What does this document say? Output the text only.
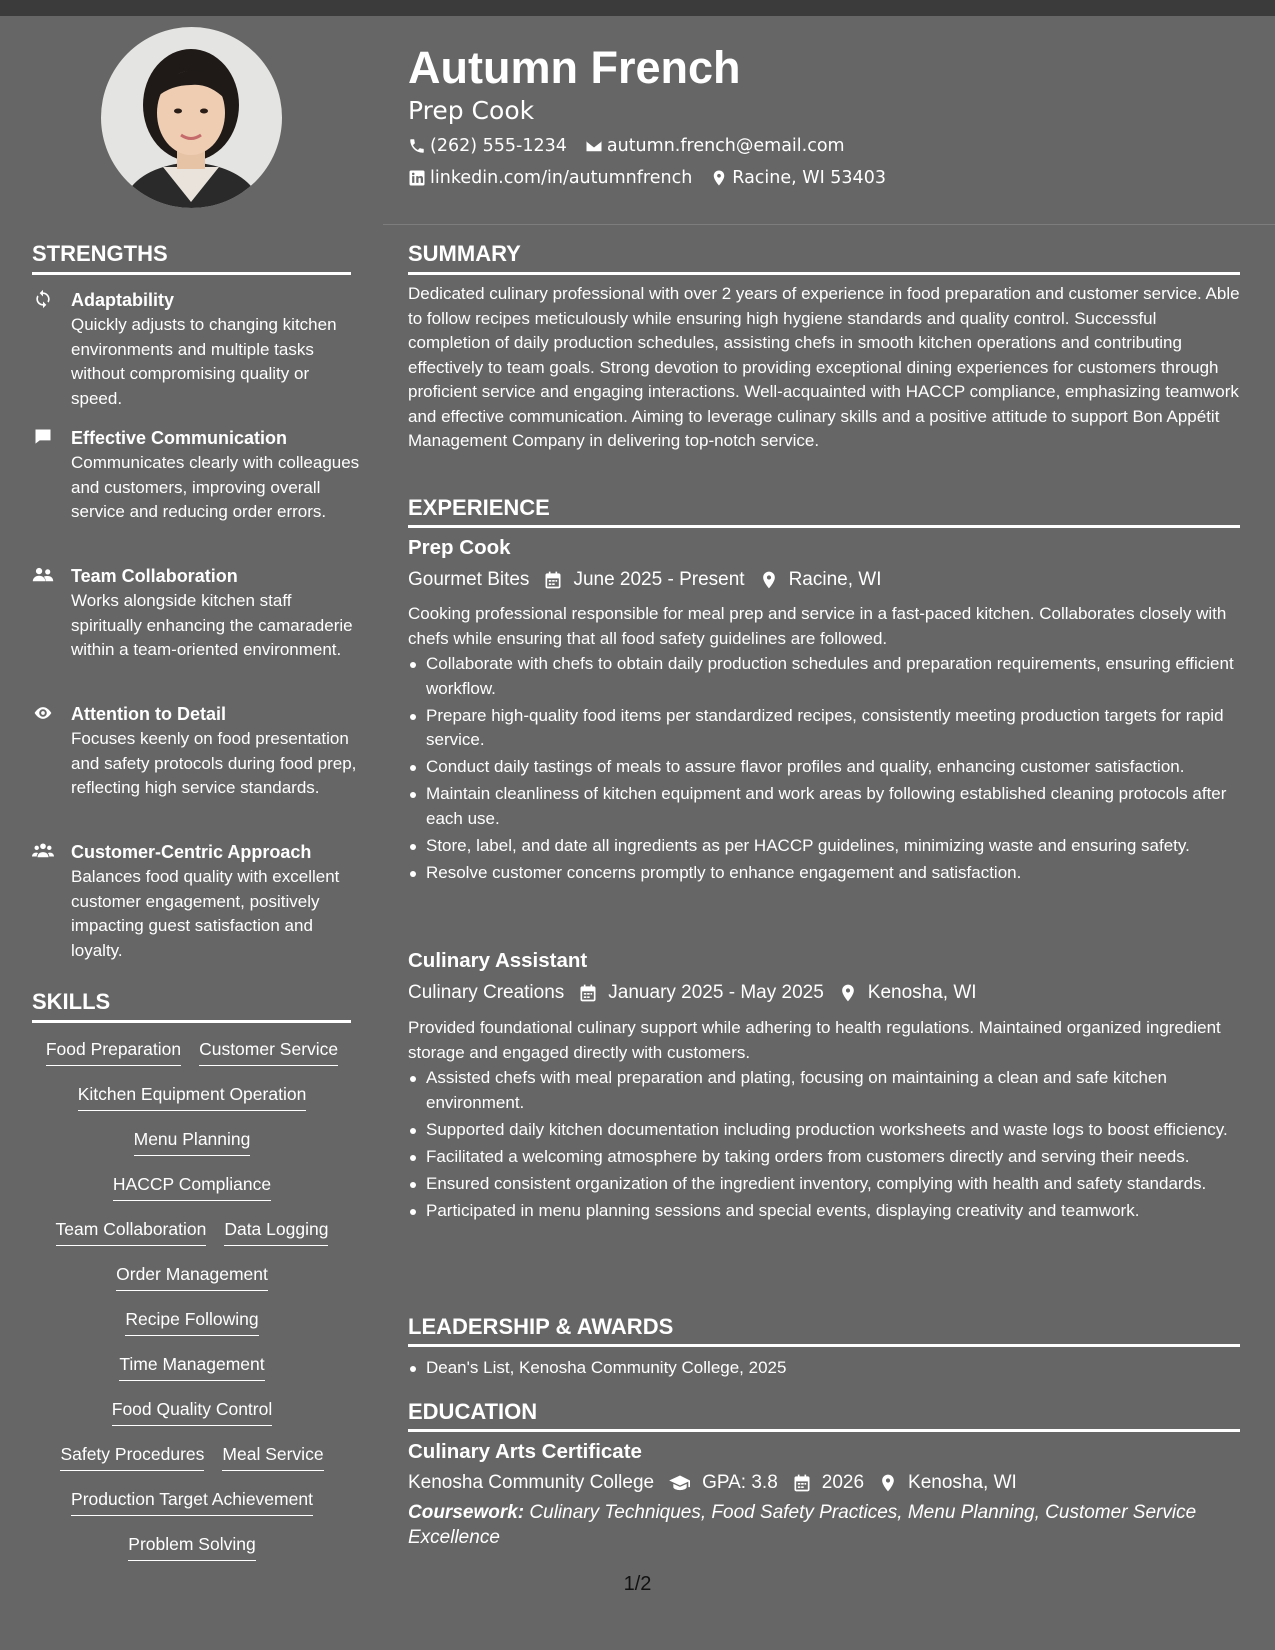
Autumn French
Prep Cook
(262) 555-1234 autumn.french@email.com
linkedin.com/in/autumnfrench Racine, WI 53403
STRENGTHS
Adaptability
Quickly adjusts to changing kitchen environments and multiple tasks without compromising quality or speed.
Effective Communication
Communicates clearly with colleagues and customers, improving overall service and reducing order errors.
Team Collaboration
Works alongside kitchen staff spiritually enhancing the camaraderie within a team-oriented environment.
Attention to Detail
Focuses keenly on food presentation and safety protocols during food prep, reflecting high service standards.
Customer-Centric Approach
Balances food quality with excellent customer engagement, positively impacting guest satisfaction and loyalty.
SKILLS
Food Preparation Customer Service
Kitchen Equipment Operation
Menu Planning
HACCP Compliance
Team Collaboration Data Logging
Order Management
Recipe Following
Time Management
Food Quality Control
Safety Procedures Meal Service
Production Target Achievement
Problem Solving
SUMMARY
Dedicated culinary professional with over 2 years of experience in food preparation and customer service. Able to follow recipes meticulously while ensuring high hygiene standards and quality control. Successful completion of daily production schedules, assisting chefs in smooth kitchen operations and contributing effectively to team goals. Strong devotion to providing exceptional dining experiences for customers through proficient service and engaging interactions. Well-acquainted with HACCP compliance, emphasizing teamwork and effective communication. Aiming to leverage culinary skills and a positive attitude to support Bon Appétit Management Company in delivering top-notch service.
EXPERIENCE
Prep Cook
Gourmet Bites June 2025 - Present Racine, WI
Cooking professional responsible for meal prep and service in a fast-paced kitchen. Collaborates closely with chefs while ensuring that all food safety guidelines are followed.
Collaborate with chefs to obtain daily production schedules and preparation requirements, ensuring efficient workflow.
Prepare high-quality food items per standardized recipes, consistently meeting production targets for rapid service.
Conduct daily tastings of meals to assure flavor profiles and quality, enhancing customer satisfaction.
Maintain cleanliness of kitchen equipment and work areas by following established cleaning protocols after each use.
Store, label, and date all ingredients as per HACCP guidelines, minimizing waste and ensuring safety.
Resolve customer concerns promptly to enhance engagement and satisfaction.
Culinary Assistant
Culinary Creations January 2025 - May 2025 Kenosha, WI
Provided foundational culinary support while adhering to health regulations. Maintained organized ingredient storage and engaged directly with customers.
Assisted chefs with meal preparation and plating, focusing on maintaining a clean and safe kitchen environment.
Supported daily kitchen documentation including production worksheets and waste logs to boost efficiency.
Facilitated a welcoming atmosphere by taking orders from customers directly and serving their needs.
Ensured consistent organization of the ingredient inventory, complying with health and safety standards.
Participated in menu planning sessions and special events, displaying creativity and teamwork.
LEADERSHIP & AWARDS
Dean's List, Kenosha Community College, 2025
EDUCATION
Culinary Arts Certificate
Kenosha Community College	GPA: 3.8 2026 Kenosha, WI
Coursework: Culinary Techniques, Food Safety Practices, Menu Planning, Customer Service Excellence
1/2
